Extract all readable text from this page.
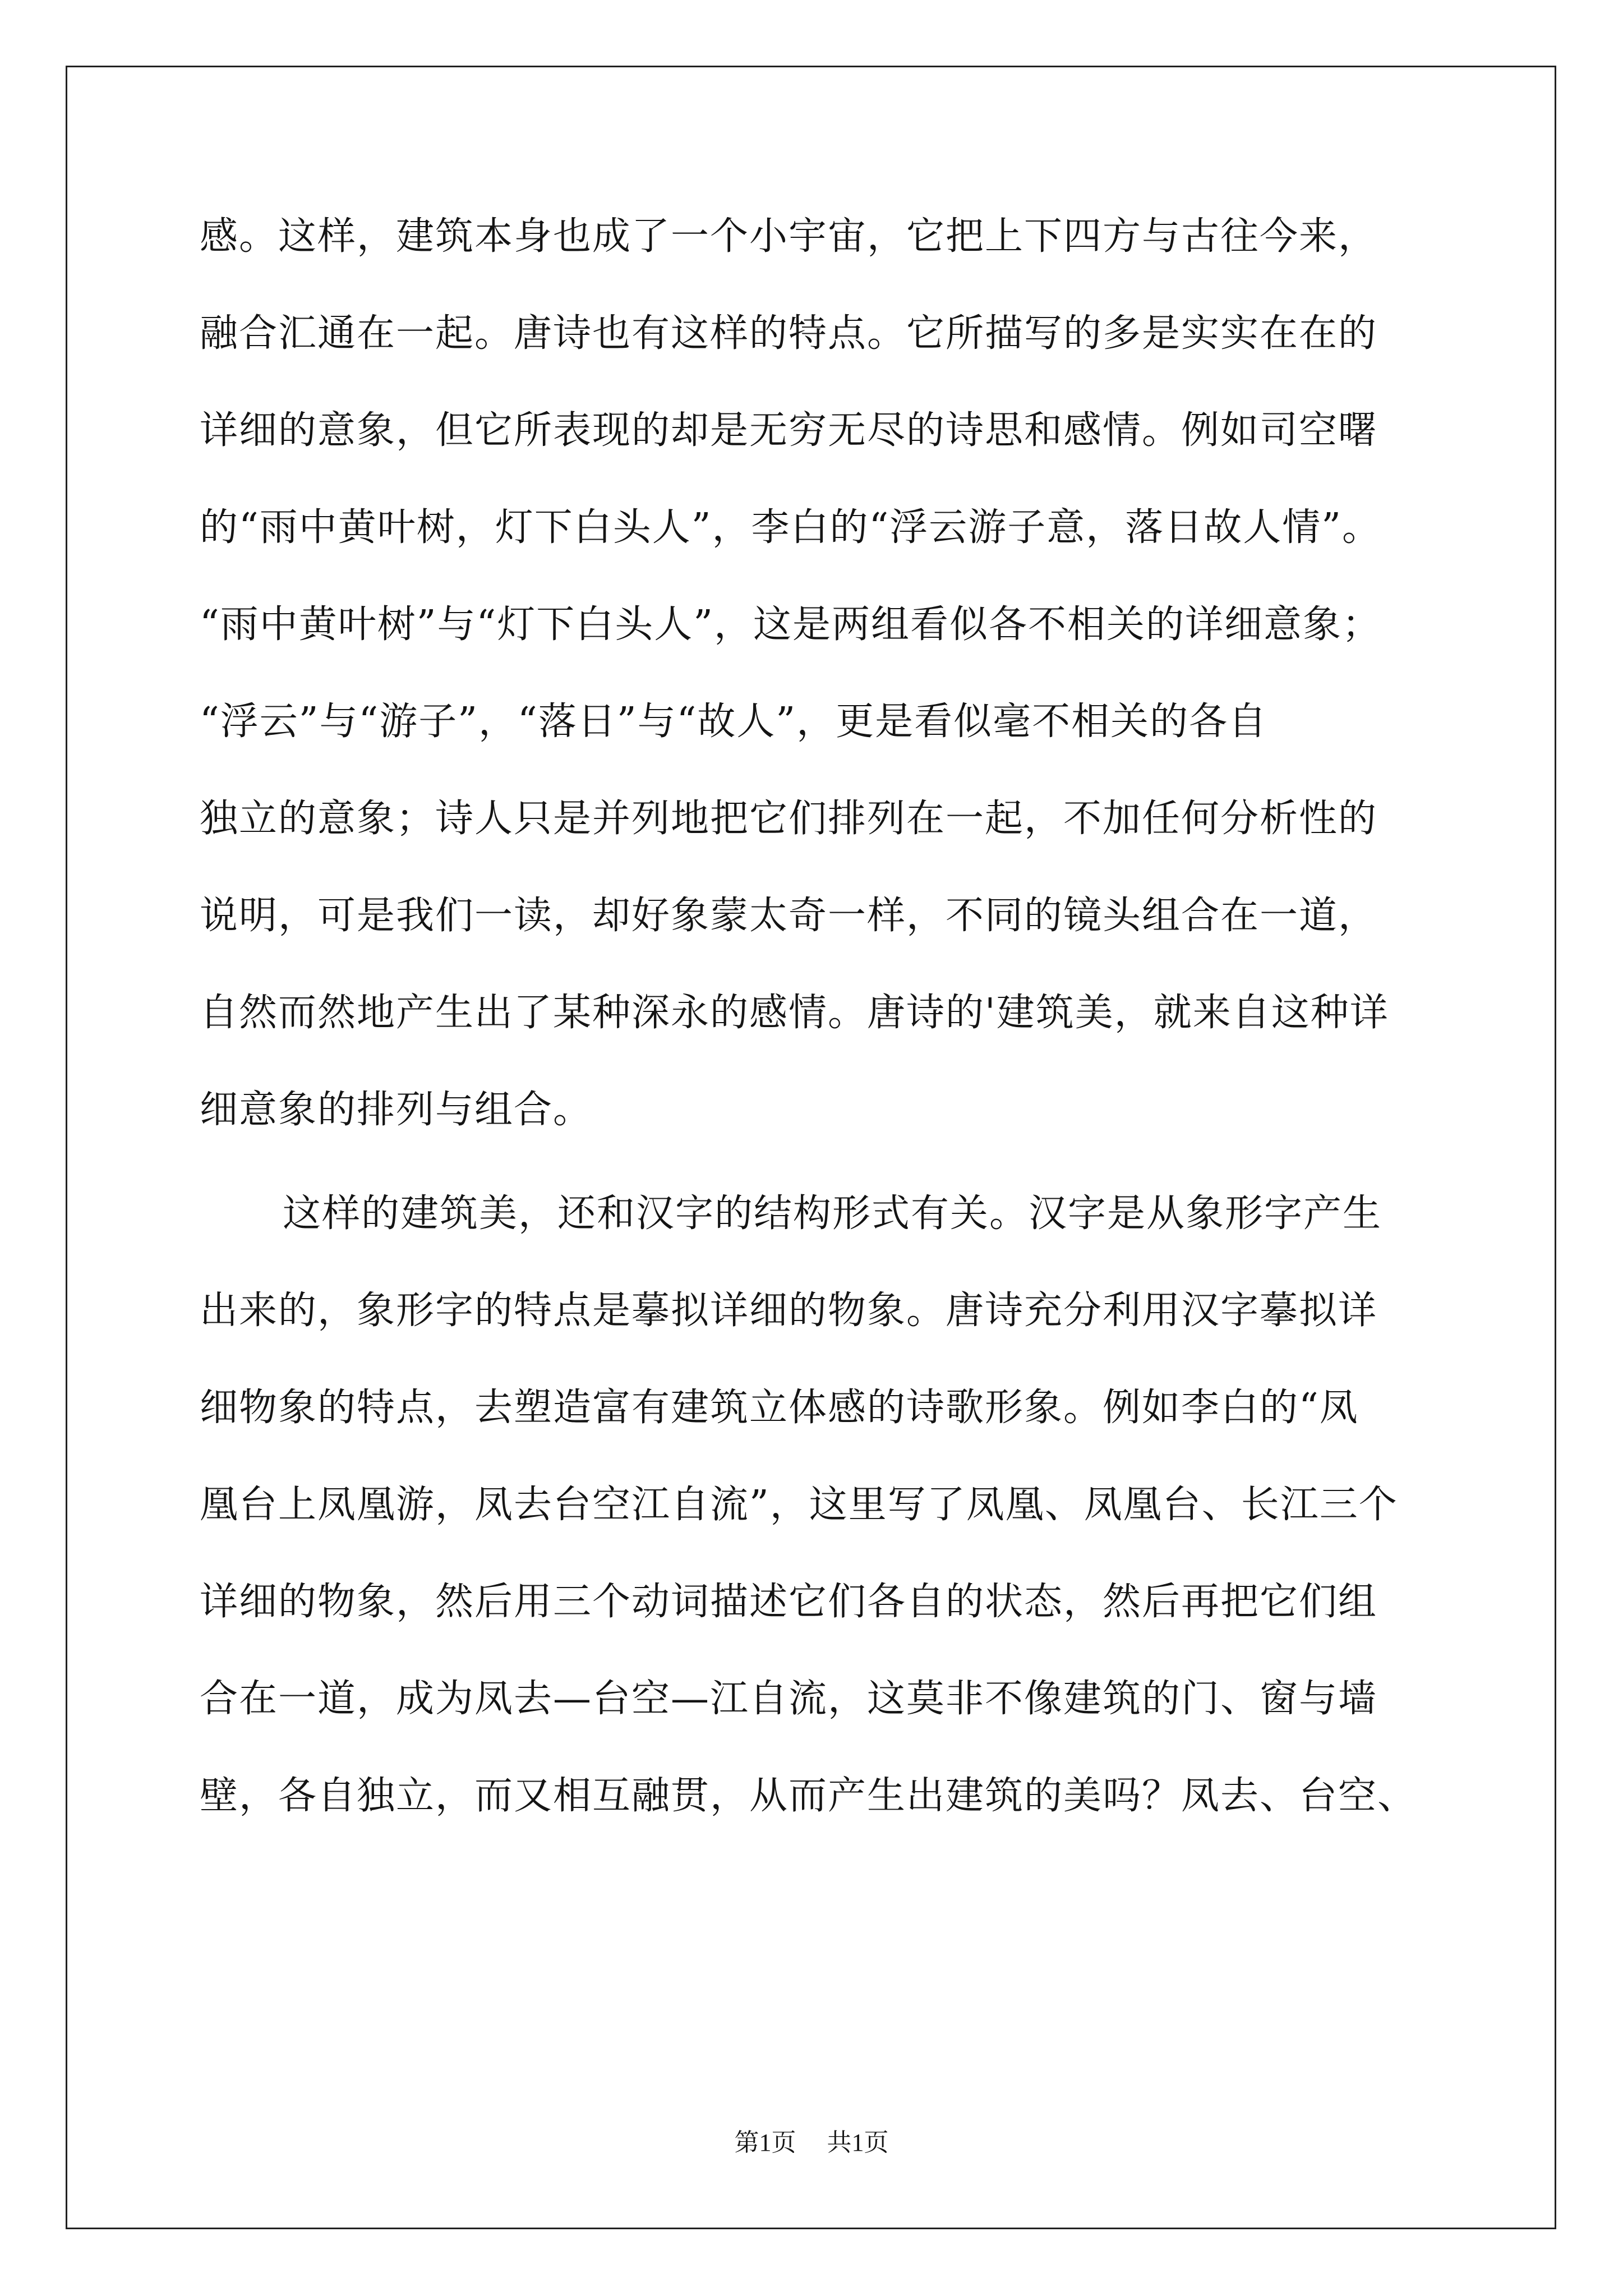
感。这样，建筑本身也成了一个小宇宙，它把上下四方与古往今来，
融合汇通在一起。唐诗也有这样的特点。它所描写的多是实实在在的
详细的意象，但它所表现的却是无穷无尽的诗思和感情。例如司空曙
的“雨中黄叶树，灯下白头人”，李白的“浮云游子意，落日故人情”。
“雨中黄叶树”与“灯下白头人”，这是两组看似各不相关的详细意象；
“浮云”与“游子”，“落日”与“故人”，更是看似毫不相关的各自
独立的意象；诗人只是并列地把它们排列在一起，不加任何分析性的
说明，可是我们一读，却好象蒙太奇一样，不同的镜头组合在一道，
自然而然地产生出了某种深永的感情。唐诗的'建筑美，就来自这种详
细意象的排列与组合。
这样的建筑美，还和汉字的结构形式有关。汉字是从象形字产生
出来的，象形字的特点是摹拟详细的物象。唐诗充分利用汉字摹拟详
细物象的特点，去塑造富有建筑立体感的诗歌形象。例如李白的“凤
凰台上凤凰游，凤去台空江自流”，这里写了凤凰、凤凰台、长江三个
详细的物象，然后用三个动词描述它们各自的状态，然后再把它们组
合在一道，成为凤去—台空—江自流，这莫非不像建筑的门、窗与墙
壁，各自独立，而又相互融贯，从而产生出建筑的美吗？凤去、台空、
第1页 共1页
